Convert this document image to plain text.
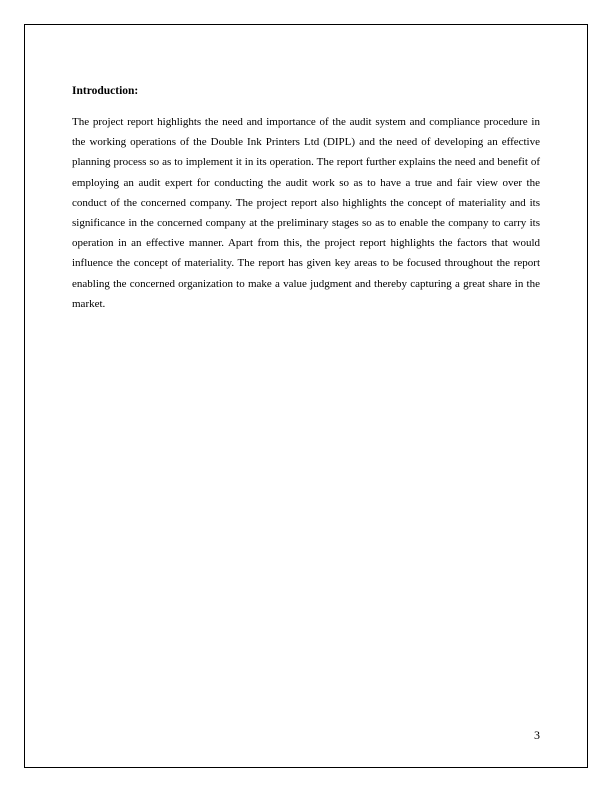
Introduction:

The project report highlights the need and importance of the audit system and compliance procedure in the working operations of the Double Ink Printers Ltd (DIPL) and the need of developing an effective planning process so as to implement it in its operation. The report further explains the need and benefit of employing an audit expert for conducting the audit work so as to have a true and fair view over the conduct of the concerned company. The project report also highlights the concept of materiality and its significance in the concerned company at the preliminary stages so as to enable the company to carry its operation in an effective manner. Apart from this, the project report highlights the factors that would influence the concept of materiality. The report has given key areas to be focused throughout the report enabling the concerned organization to make a value judgment and thereby capturing a great share in the market.

3
